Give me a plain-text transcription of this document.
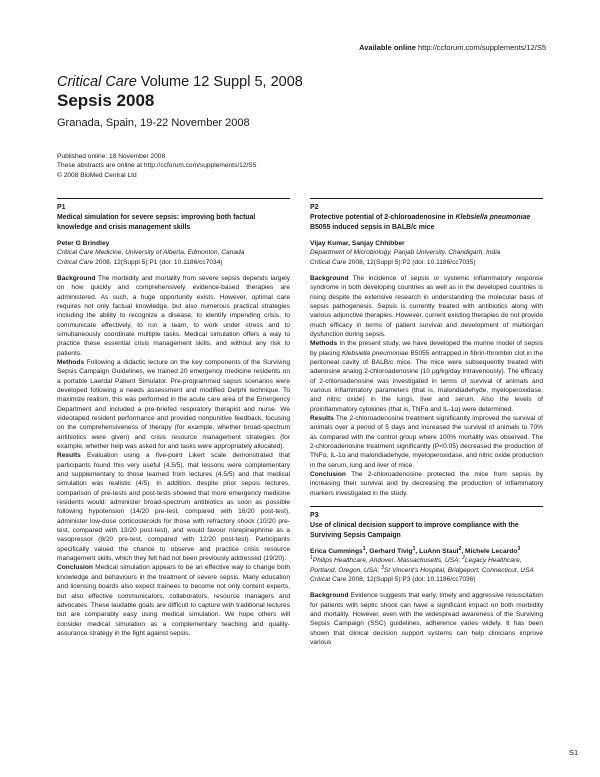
Available online http://ccforum.com/supplements/12/S5
Critical Care Volume 12 Suppl 5, 2008
Sepsis 2008
Granada, Spain, 19-22 November 2008
Published online: 18 November 2008
These abstracts are online at http://ccforum.com/supplements/12/S5
© 2008 BioMed Central Ltd
P1
Medical simulation for severe sepsis: improving both factual knowledge and crisis management skills
Peter G Brindley
Critical Care Medicine, University of Alberta, Edmonton, Canada
Critical Care 2008, 12(Suppl 5):P1 (doi: 10.1186/cc7034)
Background The morbidity and mortality from severe sepsis depends largely on how quickly and comprehensively evidence-based therapies are administered. As such, a huge opportunity exists. However, optimal care requires not only factual knowledge, but also numerous practical strategies including the ability to recognize a disease, to identify impending crisis, to communicate effectively, to run a team, to work under stress and to simultaneously coordinate multiple tasks. Medical simulation offers a way to practice these essential crisis management skills, and without any risk to patients.
Methods Following a didactic lecture on the key components of the Surviving Sepsis Campaign Guidelines, we trained 20 emergency medicine residents on a portable Laerdal Patient Simulator. Pre-programmed sepsis scenarios were developed following a needs assessment and modified Delphi technique. To maximize realism, this was performed in the acute care area of the Emergency Department and included a pre-briefed respiratory therapist and nurse. We videotaped resident performance and provided nonpunitive feedback, focusing on the comprehensiveness of therapy (for example, whether broad-spectrum antibiotics were given) and crisis resource management strategies (for example, whether help was asked for and tasks were appropriately allocated).
Results Evaluation using a five-point Likert scale demonstrated that participants found this very useful (4.5/5), that lessons were complementary and supplementary to those learned from lectures (4.5/5) and that medical simulation was realistic (4/5). In addition, despite prior sepsis lectures, comparison of pre-tests and post-tests showed that more emergency medicine residents would: administer broad-spectrum antibiotics as soon as possible following hypotension (14/20 pre-test, compared with 16/20 post-test), administer low-dose corticosteroids for those with refractory shock (10/20 pre-test, compared with 13/20 post-test), and would favour norepinephrine as a vasopressor (8/20 pre-test, compared with 12/20 post-test). Participants specifically valued the chance to observe and practice crisis resource management skills, which they felt had not been previously addressed (19/20).
Conclusion Medical simulation appears to be an effective way to change both knowledge and behaviours in the treatment of severe sepsis. Many education and licensing boards also expect trainees to become not only content experts, but also effective communicators, collaborators, resource managers and advocates. These laudable goals are difficult to capture with traditional lectures but are comparably easy using medical simulation. We hope others will consider medical simulation as a complementary teaching and quality-assurance strategy in the fight against sepsis.
P2
Protective potential of 2-chloroadenosine in Klebsiella pneumoniae B5055 induced sepsis in BALB/c mice
Vijay Kumar, Sanjay Chhibber
Department of Microbiology, Panjab University, Chandigarh, India
Critical Care 2008, 12(Suppl 5):P2 (doi: 10.1186/cc7035)
Background The incidence of sepsis or systemic inflammatory response syndrome in both developing countries as well as in the developed countries is rising despite the extensive research in understanding the molecular basis of sepsis pathogenesis. Sepsis is currently treated with antibiotics along with various adjunctive therapies. However, current existing therapies do not provide much efficacy in terms of patient survival and development of multiorgan dysfunction during sepsis.
Methods In the present study, we have developed the murine model of sepsis by placing Klebsiella pneumoniae B5055 entrapped in fibrin-thrombin clot in the peritoneal cavity of BALB/c mice. The mice were subsequently treated with adenosine analog 2-chloroadenosine (10 μg/kg/day intravenously). The efficacy of 2-chloroadenosine was investigated in terms of survival of animals and various inflammatory parameters (that is, malondiadehyde, myeloperoxidase, and nitric oxide) in the lungs, liver and serum. Also the levels of proinflammatory cytokines (that is, TNFα and IL-1α) were determined.
Results The 2-chloroadenosine treatment significantly improved the survival of animals over a period of 5 days and increased the survival of animals to 70% as compared with the control group where 100% mortality was observed. The 2-chloroadenosine treatment significantly (P<0.05) decreased the production of TNFα, IL-1α and malondiadehyde, myeloperoxidase, and nitric oxide production in the serum, lung and liver of mice.
Conclusion The 2-chloroadenosine protected the mice from sepsis by increasing their survival and by decreasing the production of inflammatory markers investigated in the study.
P3
Use of clinical decision support to improve compliance with the Surviving Sepsis Campaign
Erica Cummings$^1$, Gerhard Tivig$^1$, LuAnn Staul$^2$, Michele Lecardo$^3$
$^1$Philips Healthcare, Andover, Massachusetts, USA; $^2$Legacy Healthcare, Portland, Oregon, USA; $^3$St Vincent's Hospital, Bridgeport, Connecticut, USA
Critical Care 2008, 12(Suppl 5):P3 (doi: 10.1186/cc7036)
Background Evidence suggests that early, timely and aggressive resuscitation for patients with septic shock can have a significant impact on both morbidity and mortality. However, even with the widespread awareness of the Surviving Sepsis Campaign (SSC) guidelines, adherence varies widely. It has been shown that clinical decision support systems can help clinicians improve various
S1
